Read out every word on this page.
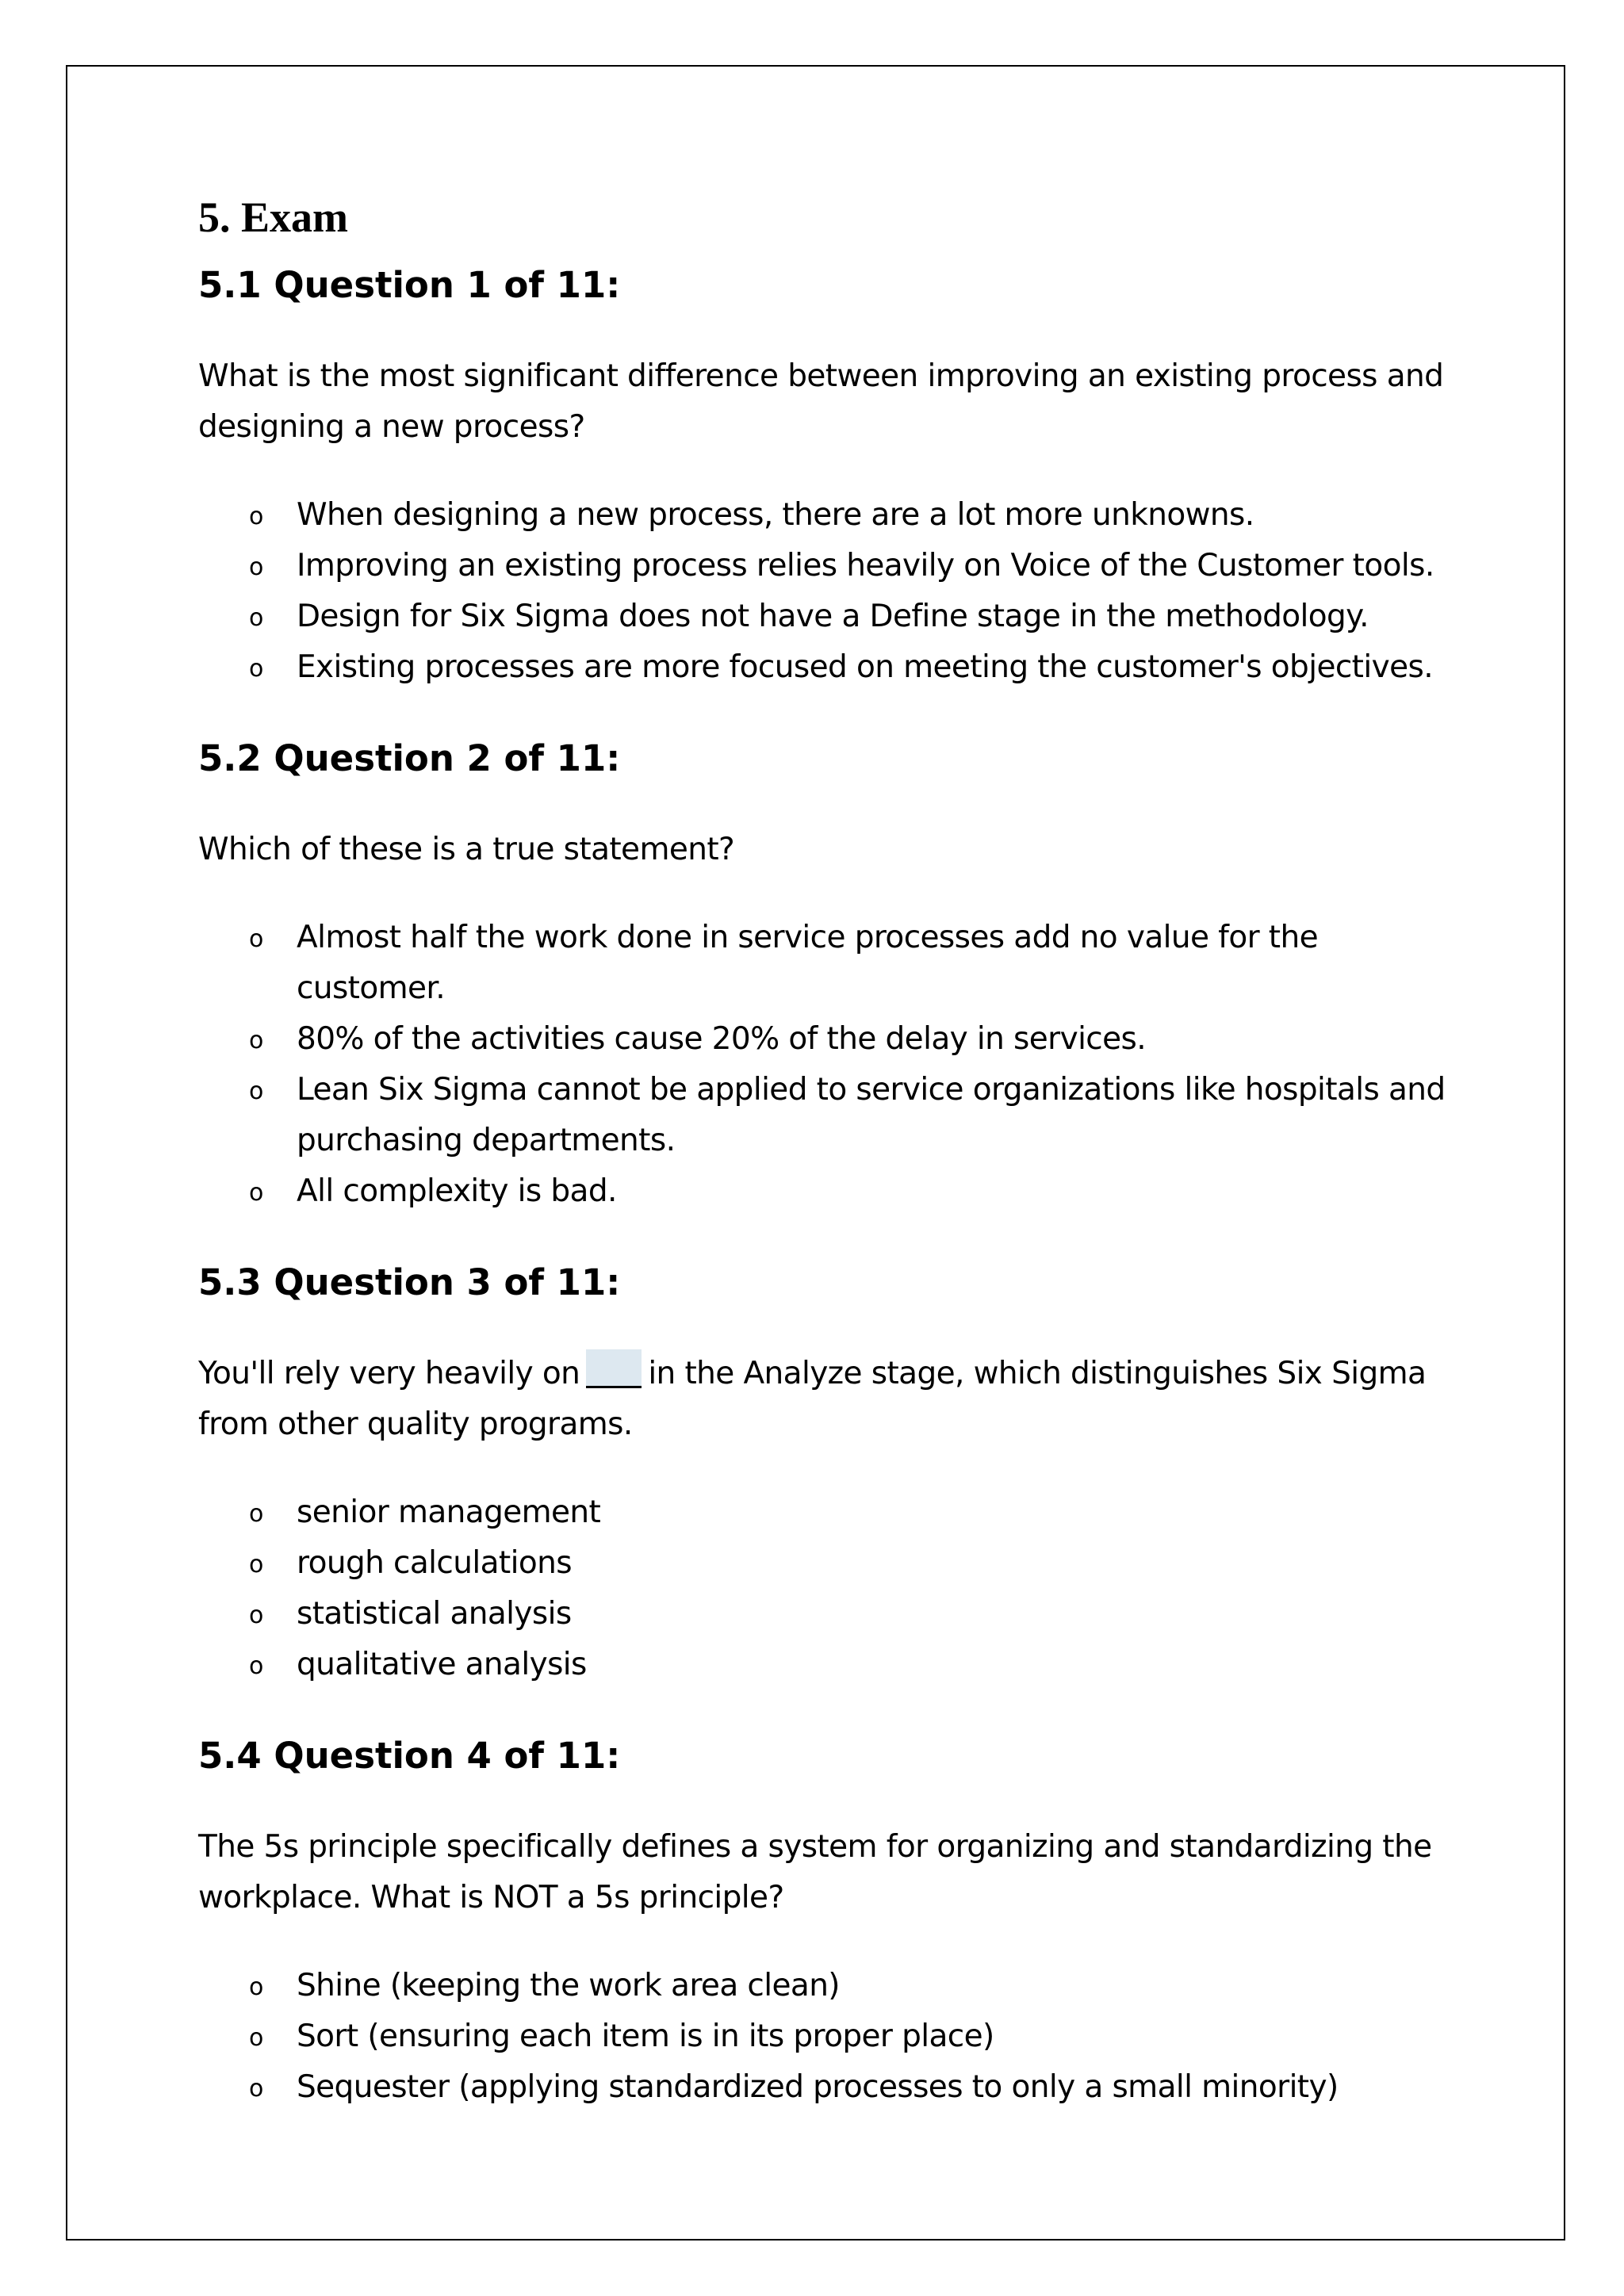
5. Exam
5.1 Question 1 of 11:

What is the most significant difference between improving an existing process and designing a new process?

o When designing a new process, there are a lot more unknowns.
o Improving an existing process relies heavily on Voice of the Customer tools.
o Design for Six Sigma does not have a Define stage in the methodology.
o Existing processes are more focused on meeting the customer's objectives.
5.2 Question 2 of 11:

Which of these is a true statement?

o Almost half the work done in service processes add no value for the customer.
o 80% of the activities cause 20% of the delay in services.
o Lean Six Sigma cannot be applied to service organizations like hospitals and purchasing departments.
o All complexity is bad.
5.3 Question 3 of 11:

You'll rely very heavily on in the Analyze stage, which distinguishes Six Sigma from other quality programs.

o senior management
o rough calculations
o statistical analysis
o qualitative analysis
5.4 Question 4 of 11:

The 5s principle specifically defines a system for organizing and standardizing the workplace. What is NOT a 5s principle?

o Shine (keeping the work area clean)
o Sort (ensuring each item is in its proper place)
o Sequester (applying standardized processes to only a small minority)
